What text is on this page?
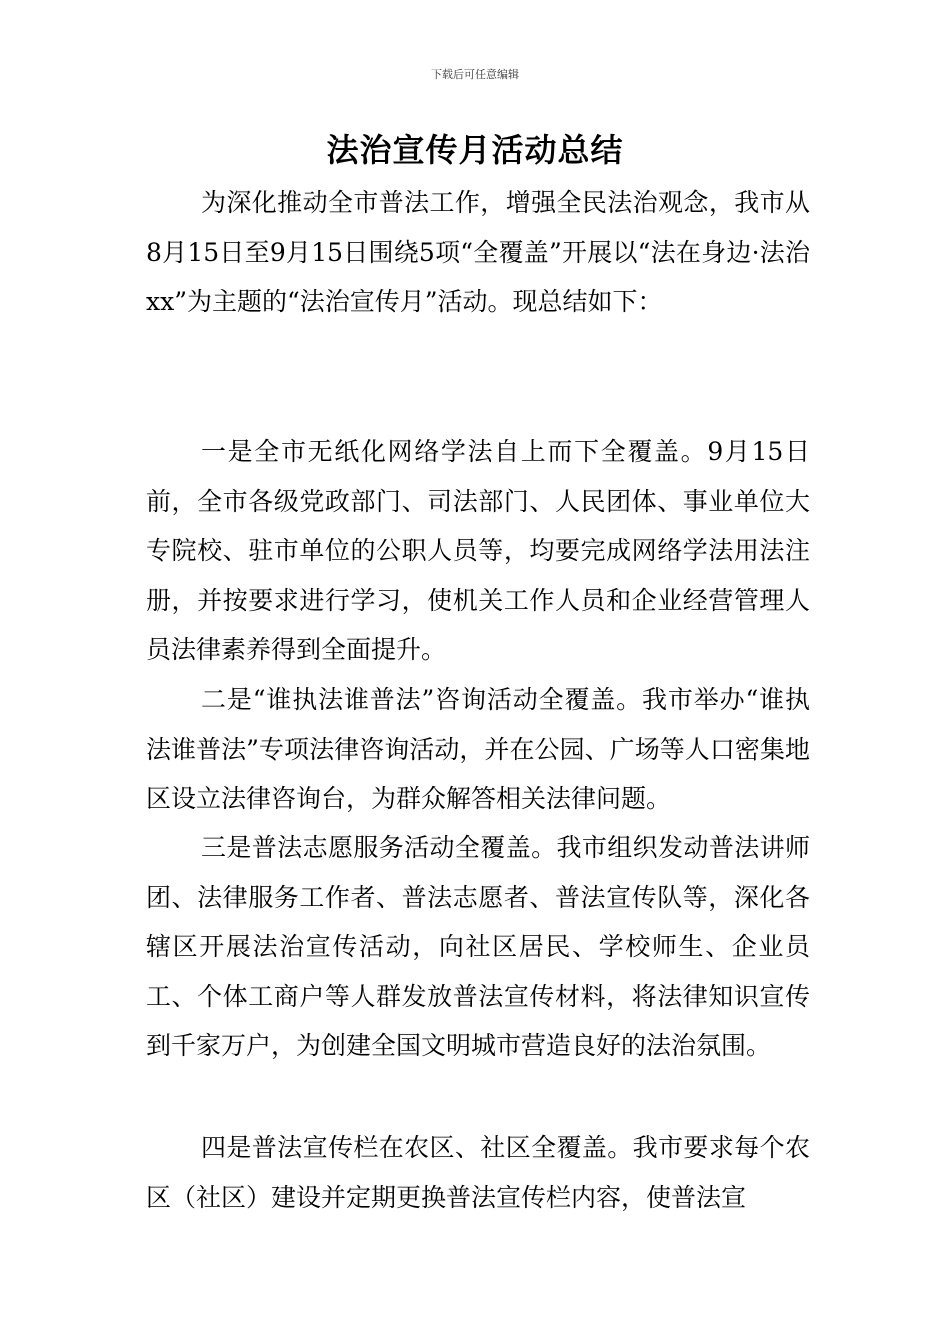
下载后可任意编辑
法治宣传月活动总结

为深化推动全市普法工作，增强全民法治观念，我市从8月15日至9月15日围绕5项“全覆盖”开展以“法在身边·法治xx”为主题的“法治宣传月”活动。现总结如下：

一是全市无纸化网络学法自上而下全覆盖。9月15日前，全市各级党政部门、司法部门、人民团体、事业单位大专院校、驻市单位的公职人员等，均要完成网络学法用法注册，并按要求进行学习，使机关工作人员和企业经营管理人员法律素养得到全面提升。

二是“谁执法谁普法”咨询活动全覆盖。我市举办“谁执法谁普法”专项法律咨询活动，并在公园、广场等人口密集地区设立法律咨询台，为群众解答相关法律问题。

三是普法志愿服务活动全覆盖。我市组织发动普法讲师团、法律服务工作者、普法志愿者、普法宣传队等，深化各辖区开展法治宣传活动，向社区居民、学校师生、企业员工、个体工商户等人群发放普法宣传材料，将法律知识宣传到千家万户，为创建全国文明城市营造良好的法治氛围。

四是普法宣传栏在农区、社区全覆盖。我市要求每个农区（社区）建设并定期更换普法宣传栏内容，使普法宣
